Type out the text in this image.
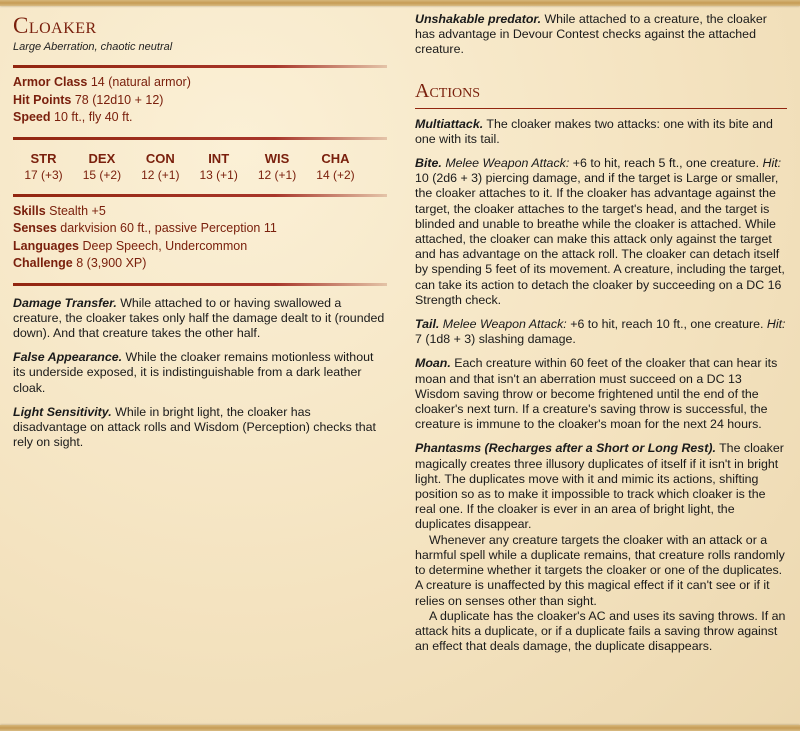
Cloaker
Large Aberration, chaotic neutral
Armor Class 14 (natural armor)
Hit Points 78 (12d10 + 12)
Speed 10 ft., fly 40 ft.
STR
17 (+3)
DEX
15 (+2)
CON
12 (+1)
INT
13 (+1)
WIS
12 (+1)
CHA
14 (+2)
Skills Stealth +5
Senses darkvision 60 ft., passive Perception 11
Languages Deep Speech, Undercommon
Challenge 8 (3,900 XP)
Damage Transfer. While attached to or having swallowed a creature, the cloaker takes only half the damage dealt to it (rounded down). And that creature takes the other half.
False Appearance. While the cloaker remains motionless without its underside exposed, it is indistinguishable from a dark leather cloak.
Light Sensitivity. While in bright light, the cloaker has disadvantage on attack rolls and Wisdom (Perception) checks that rely on sight.
Unshakable predator. While attached to a creature, the cloaker has advantage in Devour Contest checks against the attached creature.
Actions
Multiattack. The cloaker makes two attacks: one with its bite and one with its tail.
Bite. Melee Weapon Attack: +6 to hit, reach 5 ft., one creature. Hit: 10 (2d6 + 3) piercing damage, and if the target is Large or smaller, the cloaker attaches to it. If the cloaker has advantage against the target, the cloaker attaches to the target's head, and the target is blinded and unable to breathe while the cloaker is attached. While attached, the cloaker can make this attack only against the target and has advantage on the attack roll. The cloaker can detach itself by spending 5 feet of its movement. A creature, including the target, can take its action to detach the cloaker by succeeding on a DC 16 Strength check.
Tail. Melee Weapon Attack: +6 to hit, reach 10 ft., one creature. Hit: 7 (1d8 + 3) slashing damage.
Moan. Each creature within 60 feet of the cloaker that can hear its moan and that isn't an aberration must succeed on a DC 13 Wisdom saving throw or become frightened until the end of the cloaker's next turn. If a creature's saving throw is successful, the creature is immune to the cloaker's moan for the next 24 hours.
Phantasms (Recharges after a Short or Long Rest). The cloaker magically creates three illusory duplicates of itself if it isn't in bright light. The duplicates move with it and mimic its actions, shifting position so as to make it impossible to track which cloaker is the real one. If the cloaker is ever in an area of bright light, the duplicates disappear.
Whenever any creature targets the cloaker with an attack or a harmful spell while a duplicate remains, that creature rolls randomly to determine whether it targets the cloaker or one of the duplicates. A creature is unaffected by this magical effect if it can't see or if it relies on senses other than sight.
A duplicate has the cloaker's AC and uses its saving throws. If an attack hits a duplicate, or if a duplicate fails a saving throw against an effect that deals damage, the duplicate disappears.
